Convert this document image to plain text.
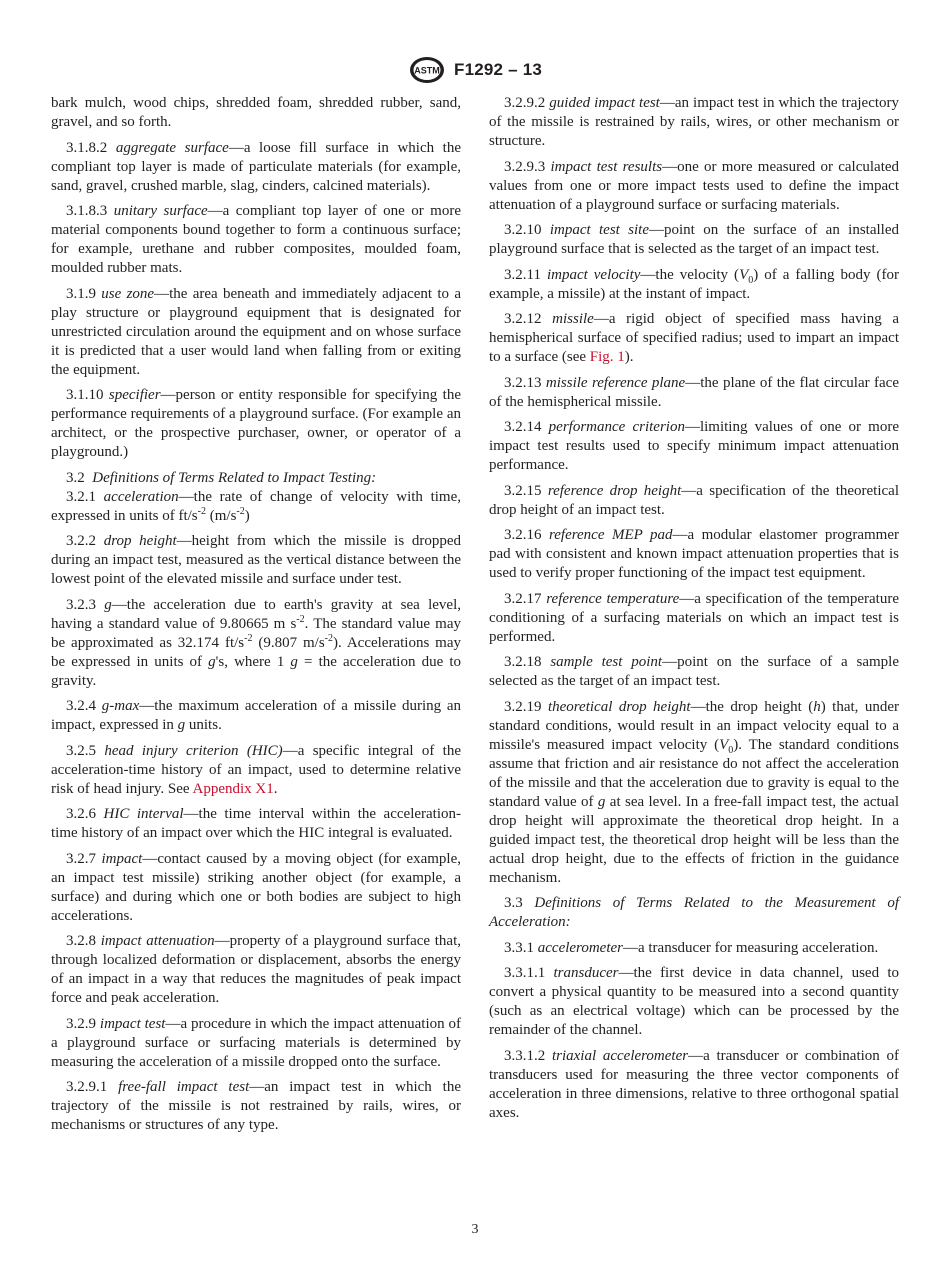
ASTM F1292 – 13

bark mulch, wood chips, shredded foam, shredded rubber, sand, gravel, and so forth.

3.1.8.2 aggregate surface—a loose fill surface in which the compliant top layer is made of particulate materials (for example, sand, gravel, crushed marble, slag, cinders, calcined materials).

3.1.8.3 unitary surface—a compliant top layer of one or more material components bound together to form a continuous surface; for example, urethane and rubber composites, moulded foam, moulded rubber mats.

3.1.9 use zone—the area beneath and immediately adjacent to a play structure or playground equipment that is designated for unrestricted circulation around the equipment and on whose surface it is predicted that a user would land when falling from or exiting the equipment.

3.1.10 specifier—person or entity responsible for specifying the performance requirements of a playground surface. (For example an architect, or the prospective purchaser, owner, or operator of a playground.)

3.2 Definitions of Terms Related to Impact Testing:

3.2.1 acceleration—the rate of change of velocity with time, expressed in units of $ft/s^{-2}$ $(m/s^{-2})$

3.2.2 drop height—height from which the missile is dropped during an impact test, measured as the vertical distance between the lowest point of the elevated missile and surface under test.

3.2.3 g—the acceleration due to earth's gravity at sea level, having a standard value of 9.80665 m $s^{-2}$. The standard value may be approximated as 32.174 $ft/s^{-2}$ (9.807 $m/s^{-2}$). Accelerations may be expressed in units of g's, where 1 g = the acceleration due to gravity.

3.2.4 g-max—the maximum acceleration of a missile during an impact, expressed in g units.

3.2.5 head injury criterion (HIC)—a specific integral of the acceleration-time history of an impact, used to determine relative risk of head injury. See Appendix X1.

3.2.6 HIC interval—the time interval within the acceleration-time history of an impact over which the HIC integral is evaluated.

3.2.7 impact—contact caused by a moving object (for example, an impact test missile) striking another object (for example, a surface) and during which one or both bodies are subject to high accelerations.

3.2.8 impact attenuation—property of a playground surface that, through localized deformation or displacement, absorbs the energy of an impact in a way that reduces the magnitudes of peak impact force and peak acceleration.

3.2.9 impact test—a procedure in which the impact attenuation of a playground surface or surfacing materials is determined by measuring the acceleration of a missile dropped onto the surface.

3.2.9.1 free-fall impact test—an impact test in which the trajectory of the missile is not restrained by rails, wires, or mechanisms or structures of any type.

3.2.9.2 guided impact test—an impact test in which the trajectory of the missile is restrained by rails, wires, or other mechanism or structure.

3.2.9.3 impact test results—one or more measured or calculated values from one or more impact tests used to define the impact attenuation of a playground surface or surfacing materials.

3.2.10 impact test site—point on the surface of an installed playground surface that is selected as the target of an impact test.

3.2.11 impact velocity—the velocity $(V_0)$ of a falling body (for example, a missile) at the instant of impact.

3.2.12 missile—a rigid object of specified mass having a hemispherical surface of specified radius; used to impart an impact to a surface (see Fig. 1).

3.2.13 missile reference plane—the plane of the flat circular face of the hemispherical missile.

3.2.14 performance criterion—limiting values of one or more impact test results used to specify minimum impact attenuation performance.

3.2.15 reference drop height—a specification of the theoretical drop height of an impact test.

3.2.16 reference MEP pad—a modular elastomer programmer pad with consistent and known impact attenuation properties that is used to verify proper functioning of the impact test equipment.

3.2.17 reference temperature—a specification of the temperature conditioning of a surfacing materials on which an impact test is performed.

3.2.18 sample test point—point on the surface of a sample selected as the target of an impact test.

3.2.19 theoretical drop height—the drop height (h) that, under standard conditions, would result in an impact velocity equal to a missile's measured impact velocity $(V_0)$. The standard conditions assume that friction and air resistance do not affect the acceleration of the missile and that the acceleration due to gravity is equal to the standard value of g at sea level. In a free-fall impact test, the actual drop height will approximate the theoretical drop height. In a guided impact test, the theoretical drop height will be less than the actual drop height, due to the effects of friction in the guidance mechanism.

3.3 Definitions of Terms Related to the Measurement of Acceleration:

3.3.1 accelerometer—a transducer for measuring acceleration.

3.3.1.1 transducer—the first device in data channel, used to convert a physical quantity to be measured into a second quantity (such as an electrical voltage) which can be processed by the remainder of the channel.

3.3.1.2 triaxial accelerometer—a transducer or combination of transducers used for measuring the three vector components of acceleration in three dimensions, relative to three orthogonal spatial axes.

3
